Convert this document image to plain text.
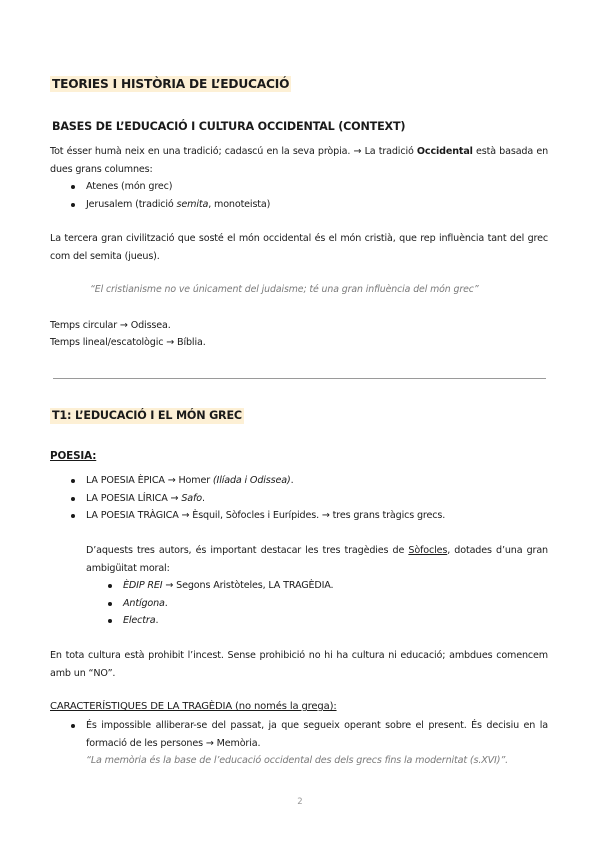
TEORIES I HISTÒRIA DE L’EDUCACIÓ
BASES DE L’EDUCACIÓ I CULTURA OCCIDENTAL (CONTEXT)
Tot ésser humà neix en una tradició; cadascú en la seva pròpia. → La tradició Occidental està basada en dues grans columnes:
Atenes (món grec)
Jerusalem (tradició semita, monoteista)
La tercera gran civilització que sosté el món occidental és el món cristià, que rep influència tant del grec com del semita (jueus).
“El cristianisme no ve únicament del judaisme; té una gran influència del món grec”
Temps circular → Odissea.
Temps lineal/escatològic → Bíblia.
T1: L’EDUCACIÓ I EL MÓN GREC
POESIA:
LA POESIA ÈPICA → Homer (Ilíada i Odissea).
LA POESIA LÍRICA → Safo.
LA POESIA TRÀGICA → Èsquil, Sòfocles i Eurípides. → tres grans tràgics grecs.
D’aquests tres autors, és important destacar les tres tragèdies de Sòfocles, dotades d’una gran ambigüitat moral:
ÈDIP REI → Segons Aristòteles, LA TRAGÈDIA.
Antígona.
Electra.
En tota cultura està prohibit l’incest. Sense prohibició no hi ha cultura ni educació; ambdues comencem amb un “NO”.
CARACTERÍSTIQUES DE LA TRAGÈDIA (no només la grega):
És impossible alliberar-se del passat, ja que segueix operant sobre el present. És decisiu en la formació de les persones → Memòria.
“La memòria és la base de l’educació occidental des dels grecs fins la modernitat (s.XVI)”.
2
